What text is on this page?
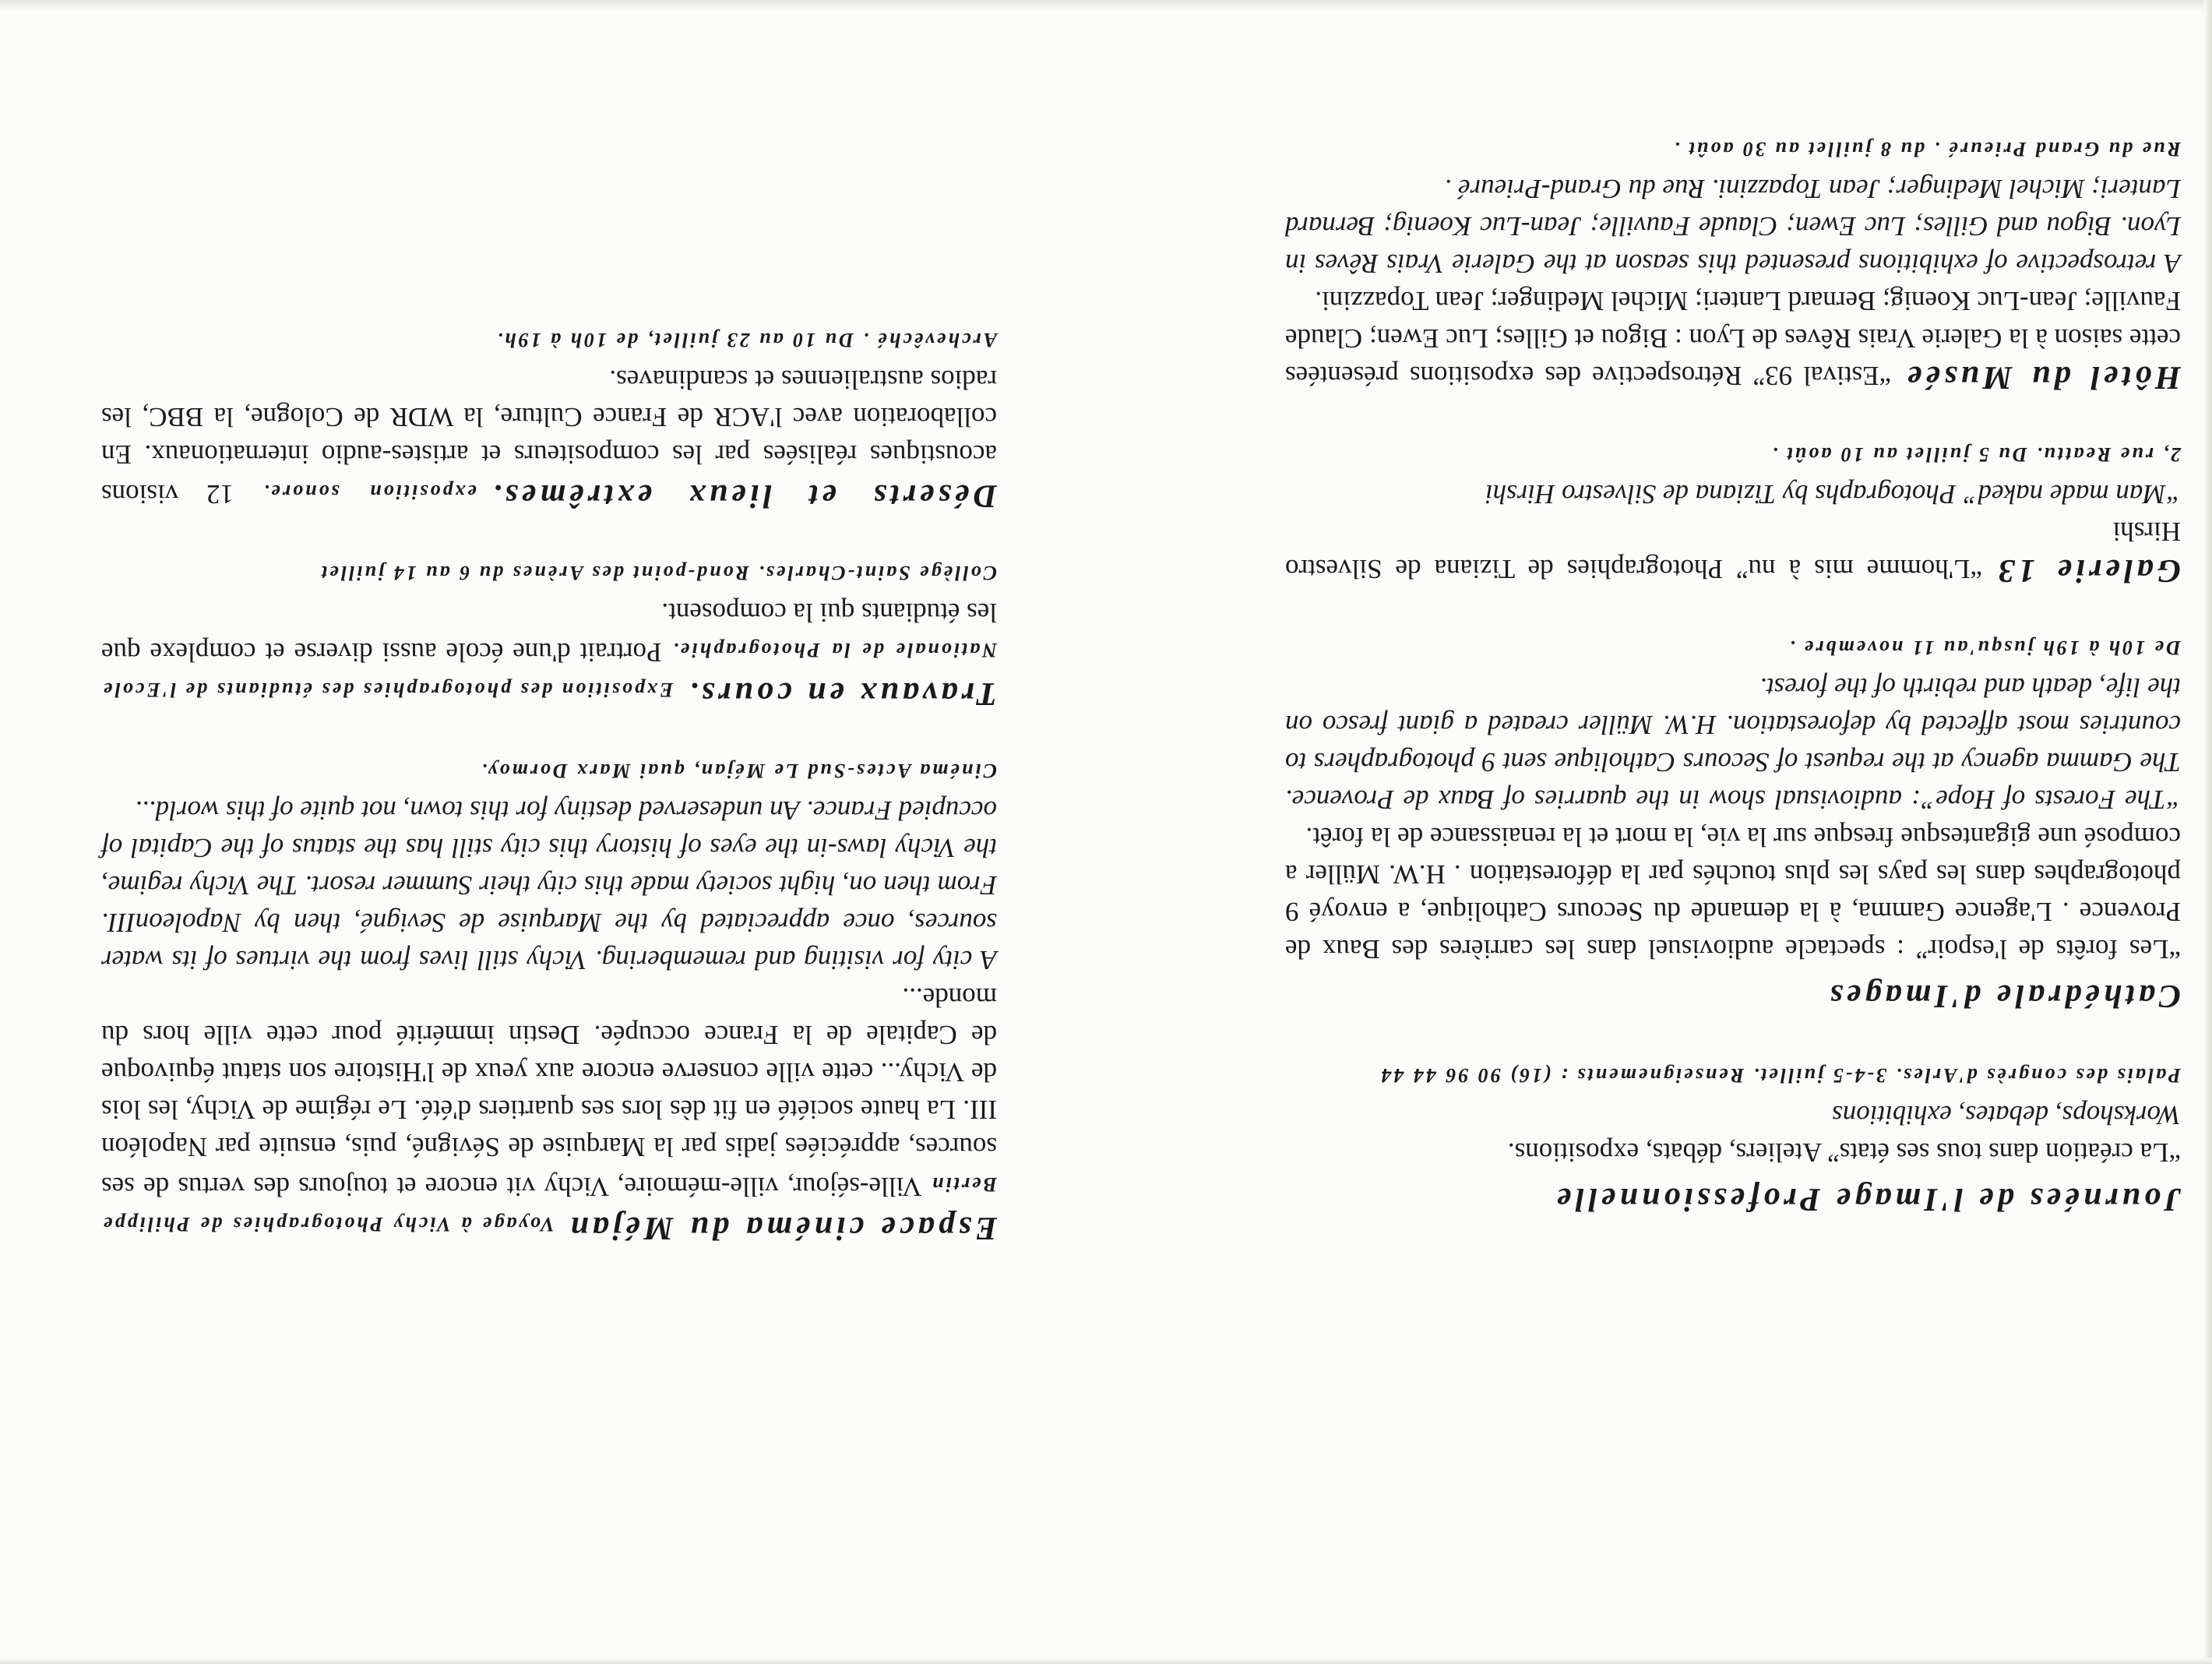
Journées de l'Image Professionnelle

“La création dans tous ses états” Ateliers, débats, expositions.

Workshops, debates, exhibitions

Palais des congrès d'Arles. 3-4-5 juillet. Renseignements : (16) 90 96 44 44
Cathédrale d'Images

“Les forêts de l'espoir” : spectacle audiovisuel dans les carrières des Baux de Provence . L'agence Gamma, à la demande du Secours Catholique, a envoyé 9 photographes dans les pays les plus touchés par la déforestation . H.W. Müller a composé une gigantesque fresque sur la vie, la mort et la renaissance de la forêt.

“The Forests of Hope”: audiovisual show in the quarries of Baux de Provence. The Gamma agency at the request of Secours Catholique sent 9 photographers to countries most affected by deforestation. H.W. Müller created a giant fresco on the life, death and rebirth of the forest.

De 10h à 19h jusqu'au 11 novembre .

Galerie 13“L'homme mis à nu” Photographies de Tiziana de Silvestro Hirshi

“Man made naked” Photographs by Tiziana de Silvestro Hirshi

2, rue Reattu. Du 5 juillet au 10 août .

Hôtel du Musée“Estival 93” Rétrospective des expositions présentées cette saison à la Galerie Vrais Rêves de Lyon : Bigou et Gilles; Luc Ewen; Claude Fauville; Jean-Luc Koenig; Bernard Lanteri; Michel Medinger; Jean Topazzini.

A retrospective of exhibitions presented this season at the Galerie Vrais Rêves in Lyon. Bigou and Gilles; Luc Ewen; Claude Fauville; Jean-Luc Koenig; Bernard Lanteri; Michel Medinger; Jean Topazzini. Rue du Grand-Prieuré .

Rue du Grand Prieuré . du 8 juillet au 30 août .

Espace cinéma du MéjanVoyage à Vichy Photographies de Philippe Bertin Ville-séjour, ville-mémoire, Vichy vit encore et toujours des vertus de ses sources, appréciées jadis par la Marquise de Sévigné, puis, ensuite par Napoléon III. La haute société en fit dès lors ses quartiers d'été. Le régime de Vichy, les lois de Vichy... cette ville conserve encore aux yeux de l'Histoire son statut équivoque de Capitale de la France occupée. Destin immérité pour cette ville hors du monde...

A city for visiting and remembering. Vichy still lives from the virtues of its water sources, once appreciated by the Marquise de Sevigné, then by NapoleonIII. From then on, hight society made this city their Summer resort. The Vichy regime, the Vichy laws-in the eyes of history this city still has the status of the Capital of occupied France. An undeserved destiny for this town, not quite of this world...

Cinéma Actes-Sud Le Méjan, quai Marx Dormoy.

Travaux en cours.Exposition des photographies des étudiants de l'Ecole Nationale de la Photographie. Portrait d'une école aussi diverse et complexe que les étudiants qui la composent.

Collège Saint-Charles. Rond-point des Arènes du 6 au 14 juillet

Déserts et lieux extrêmes.exposition sonore. 12 visions acoustiques réalisées par les compositeurs et artistes-audio internationaux. En collaboration avec l'ACR de France Culture, la WDR de Cologne, la BBC, les radios australiennes et scandinaves.

Archevêché . Du 10 au 23 juillet, de 10h à 19h.
